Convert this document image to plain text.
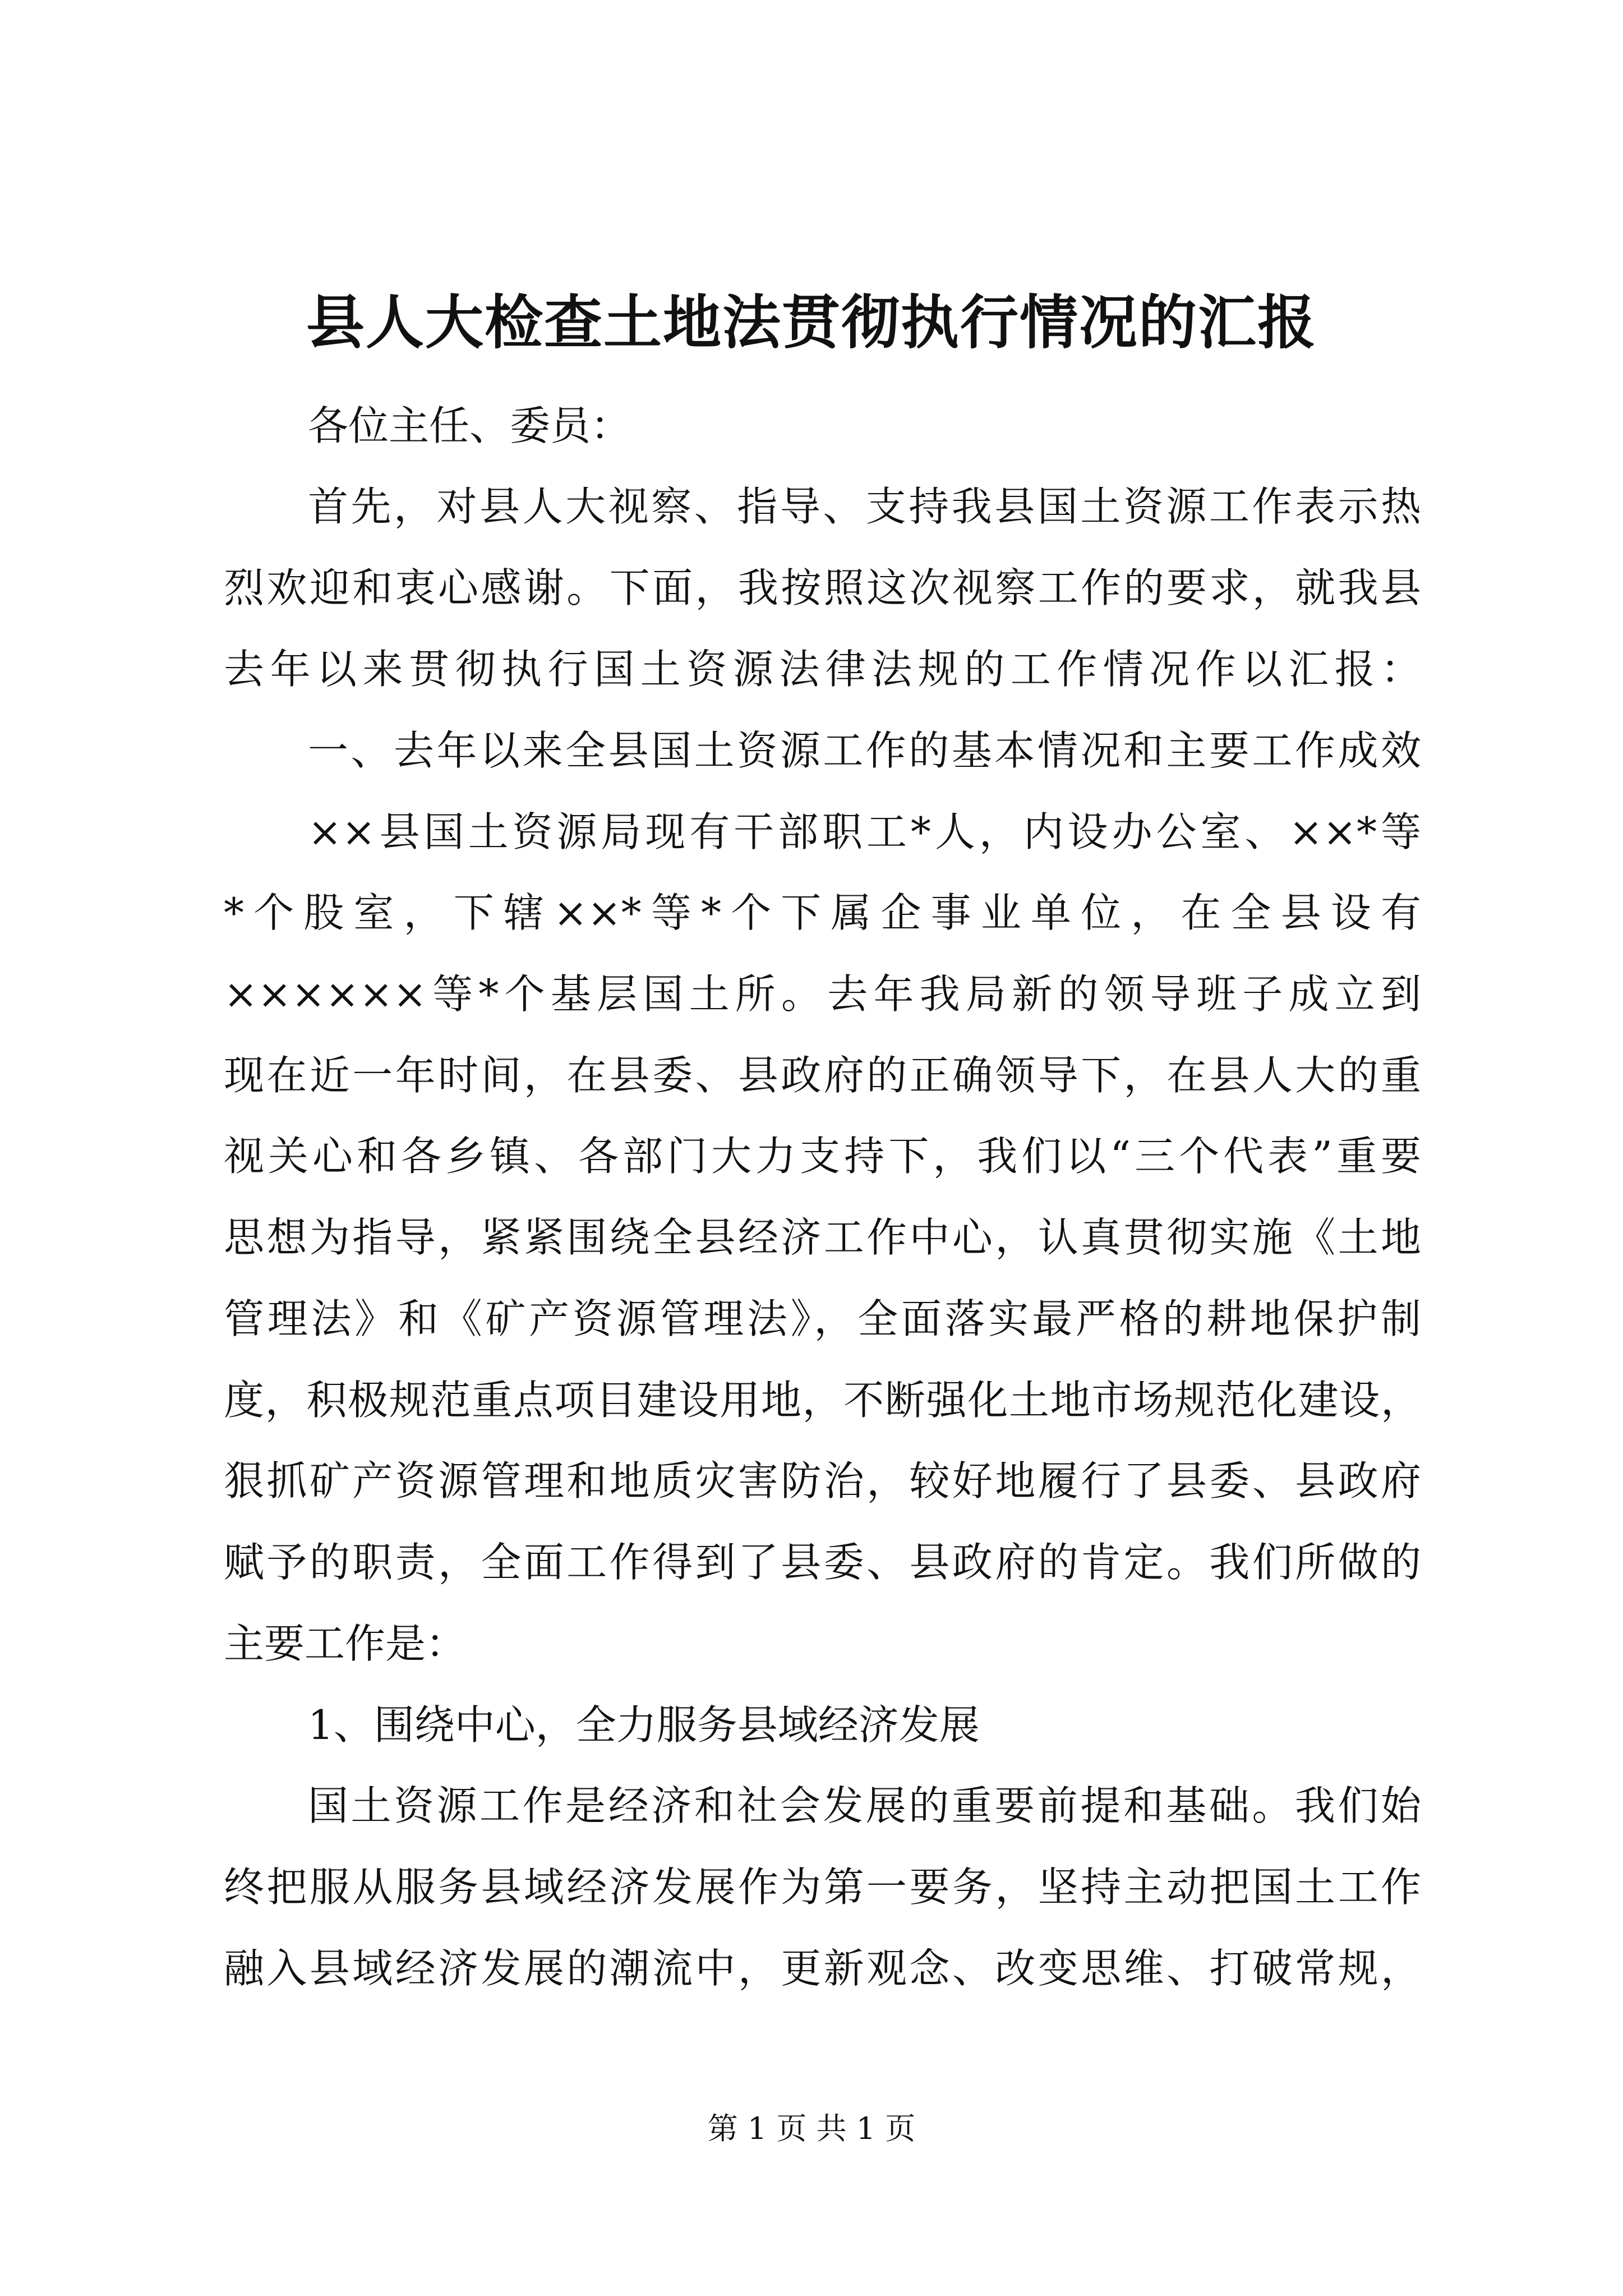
县人大检查土地法贯彻执行情况的汇报
各位主任、委员：
首先，对县人大视察、指导、支持我县国土资源工作表示热
烈欢迎和衷心感谢。下面，我按照这次视察工作的要求，就我县
去年以来贯彻执行国土资源法律法规的工作情况作以汇报：
一、去年以来全县国土资源工作的基本情况和主要工作成效
××县国土资源局现有干部职工*人，内设办公室、××*等
*个股室，下辖××*等*个下属企事业单位，在全县设有
××××××等*个基层国土所。去年我局新的领导班子成立到
现在近一年时间，在县委、县政府的正确领导下，在县人大的重
视关心和各乡镇、各部门大力支持下，我们以“三个代表”重要
思想为指导，紧紧围绕全县经济工作中心，认真贯彻实施《土地
管理法》和《矿产资源管理法》，全面落实最严格的耕地保护制
度，积极规范重点项目建设用地，不断强化土地市场规范化建设，
狠抓矿产资源管理和地质灾害防治，较好地履行了县委、县政府
赋予的职责，全面工作得到了县委、县政府的肯定。我们所做的
主要工作是：
1、围绕中心，全力服务县域经济发展
国土资源工作是经济和社会发展的重要前提和基础。我们始
终把服从服务县域经济发展作为第一要务，坚持主动把国土工作
融入县域经济发展的潮流中，更新观念、改变思维、打破常规，
第 1 页 共 1 页
